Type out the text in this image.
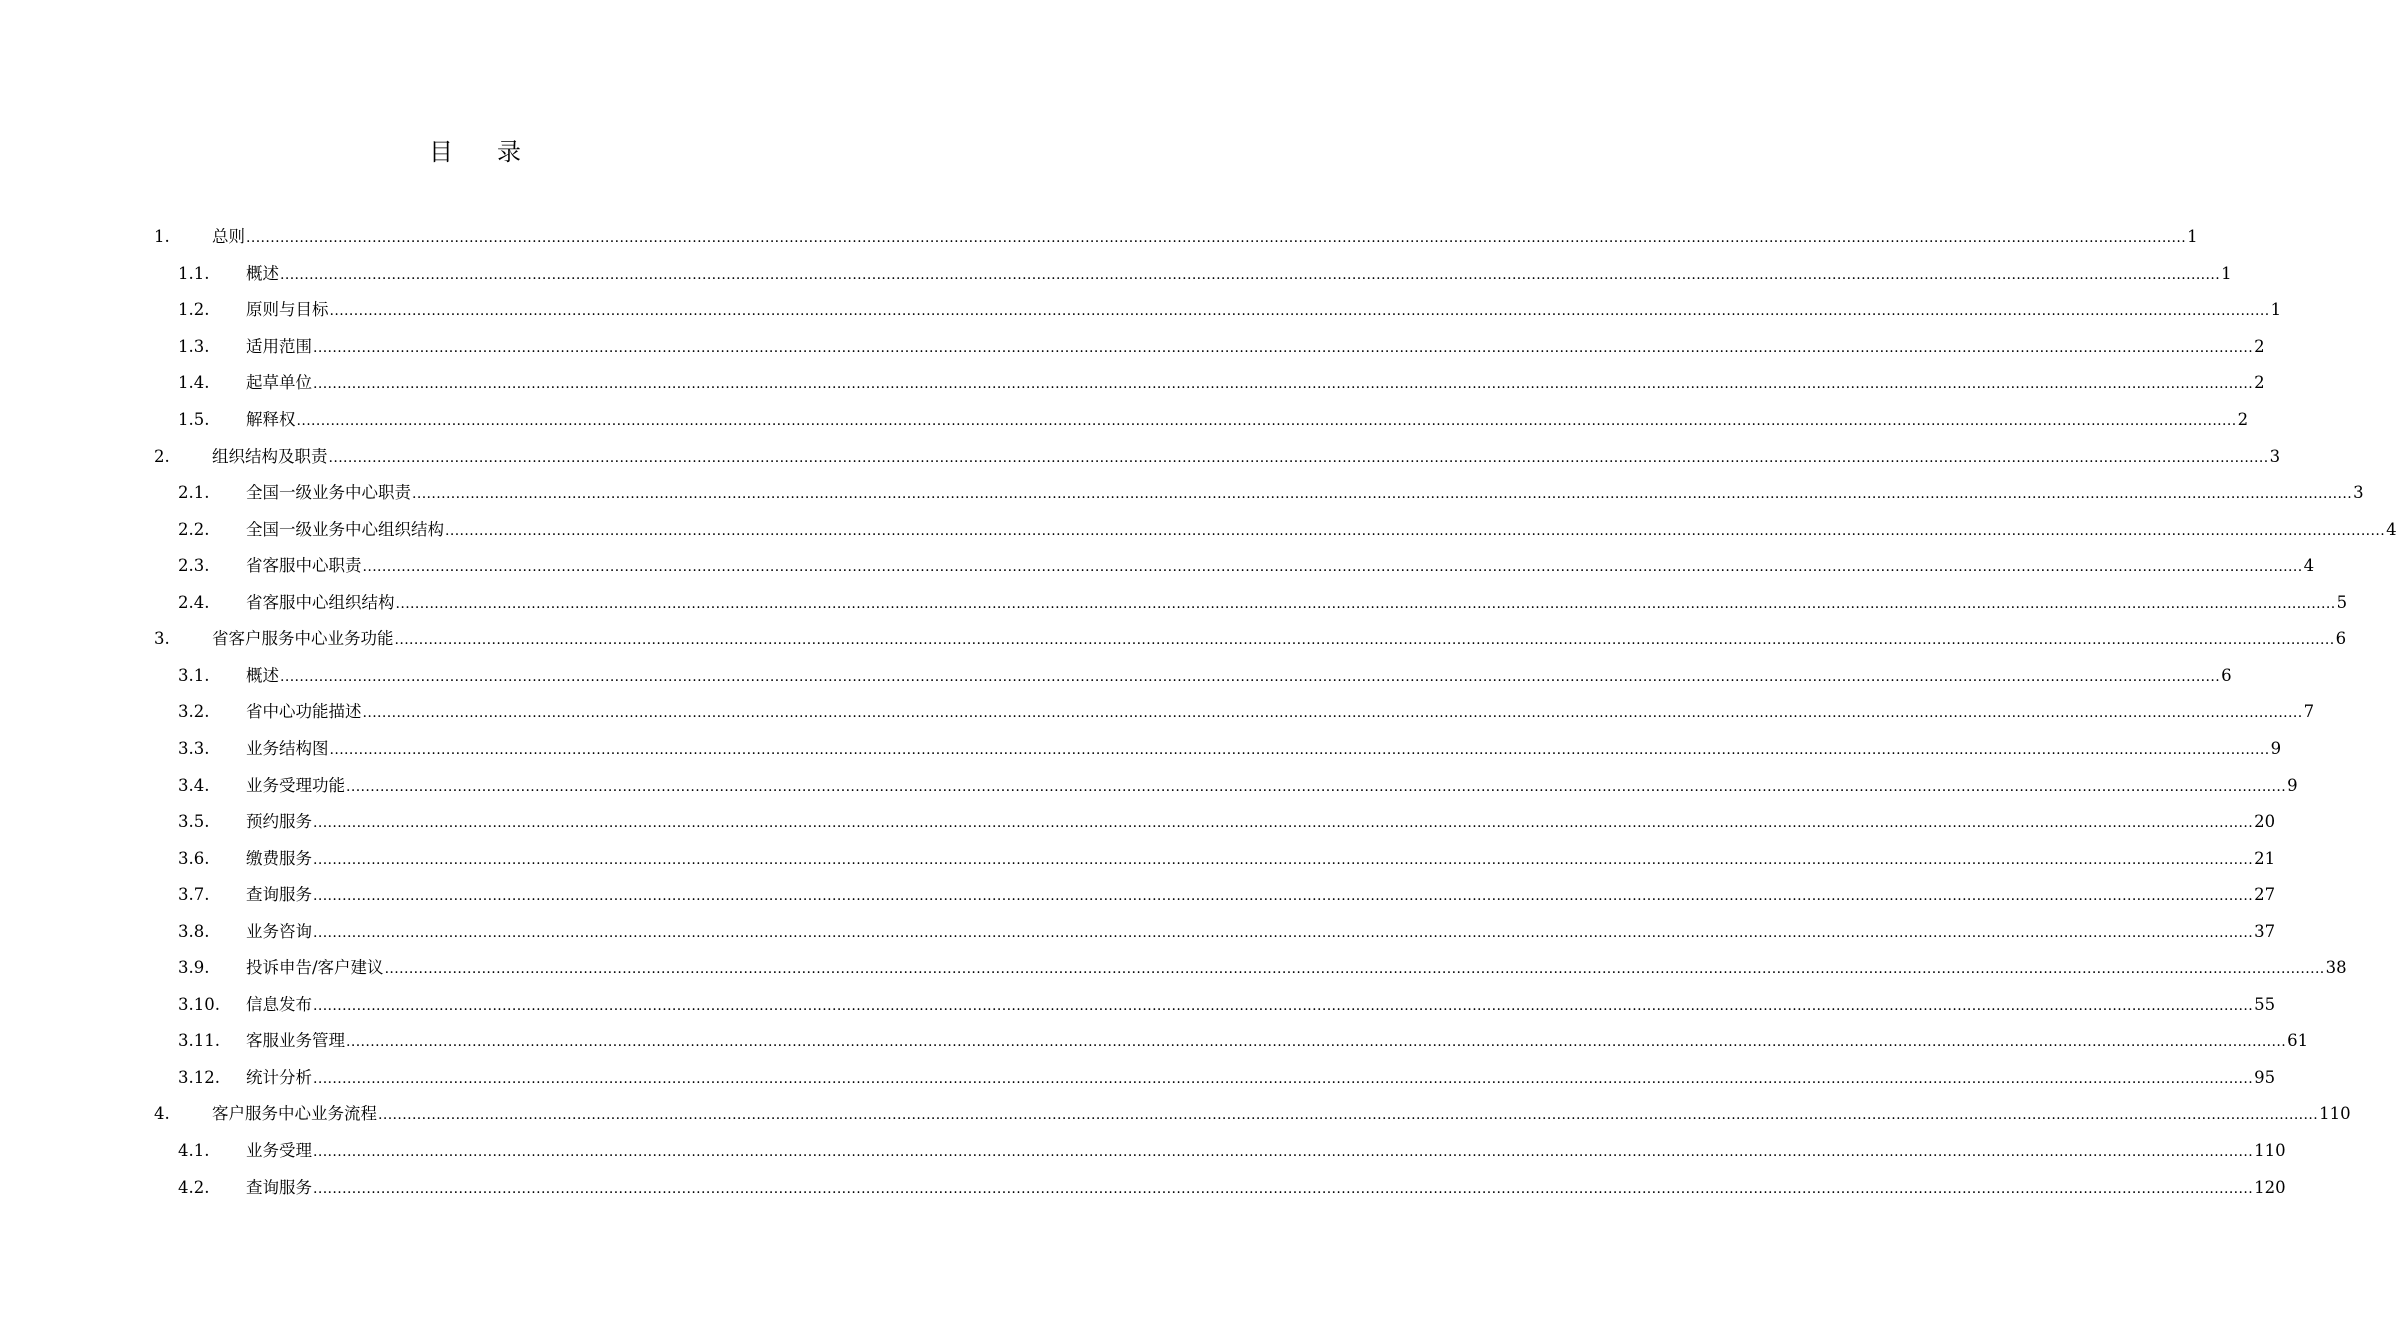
目 录
1.	总则 ................................................................................................................................................................................................................................................................................................................................................................................................................ 1
1.1. 概述 ................................................................................................................................................................................................................................................................................................................................................................................................................ 1
1.2. 原则与目标 ................................................................................................................................................................................................................................................................................................................................................................................................................ 1
1.3. 适用范围 ................................................................................................................................................................................................................................................................................................................................................................................................................ 2
1.4. 起草单位 ................................................................................................................................................................................................................................................................................................................................................................................................................ 2
1.5. 解释权 ................................................................................................................................................................................................................................................................................................................................................................................................................ 2
2.	组织结构及职责 ................................................................................................................................................................................................................................................................................................................................................................................................................ 3
2.1. 全国一级业务中心职责 ................................................................................................................................................................................................................................................................................................................................................................................................................ 3
2.2. 全国一级业务中心组织结构 ................................................................................................................................................................................................................................................................................................................................................................................................................ 4
2.3. 省客服中心职责 ................................................................................................................................................................................................................................................................................................................................................................................................................ 4
2.4. 省客服中心组织结构 ................................................................................................................................................................................................................................................................................................................................................................................................................ 5
3.	省客户服务中心业务功能 ................................................................................................................................................................................................................................................................................................................................................................................................................ 6
3.1. 概述 ................................................................................................................................................................................................................................................................................................................................................................................................................ 6
3.2. 省中心功能描述 ................................................................................................................................................................................................................................................................................................................................................................................................................ 7
3.3. 业务结构图 ................................................................................................................................................................................................................................................................................................................................................................................................................ 9
3.4. 业务受理功能 ................................................................................................................................................................................................................................................................................................................................................................................................................ 9
3.5. 预约服务 ................................................................................................................................................................................................................................................................................................................................................................................................................ 20
3.6. 缴费服务 ................................................................................................................................................................................................................................................................................................................................................................................................................ 21
3.7. 查询服务 ................................................................................................................................................................................................................................................................................................................................................................................................................ 27
3.8. 业务咨询 ................................................................................................................................................................................................................................................................................................................................................................................................................ 37
3.9. 投诉申告/客户建议 ................................................................................................................................................................................................................................................................................................................................................................................................................ 38
3.10. 信息发布 ................................................................................................................................................................................................................................................................................................................................................................................................................ 55
3.11. 客服业务管理 ................................................................................................................................................................................................................................................................................................................................................................................................................ 61
3.12. 统计分析 ................................................................................................................................................................................................................................................................................................................................................................................................................ 95
4.	客户服务中心业务流程 ................................................................................................................................................................................................................................................................................................................................................................................................................ 110
4.1. 业务受理 ................................................................................................................................................................................................................................................................................................................................................................................................................ 110
4.2. 查询服务 ................................................................................................................................................................................................................................................................................................................................................................................................................ 120
